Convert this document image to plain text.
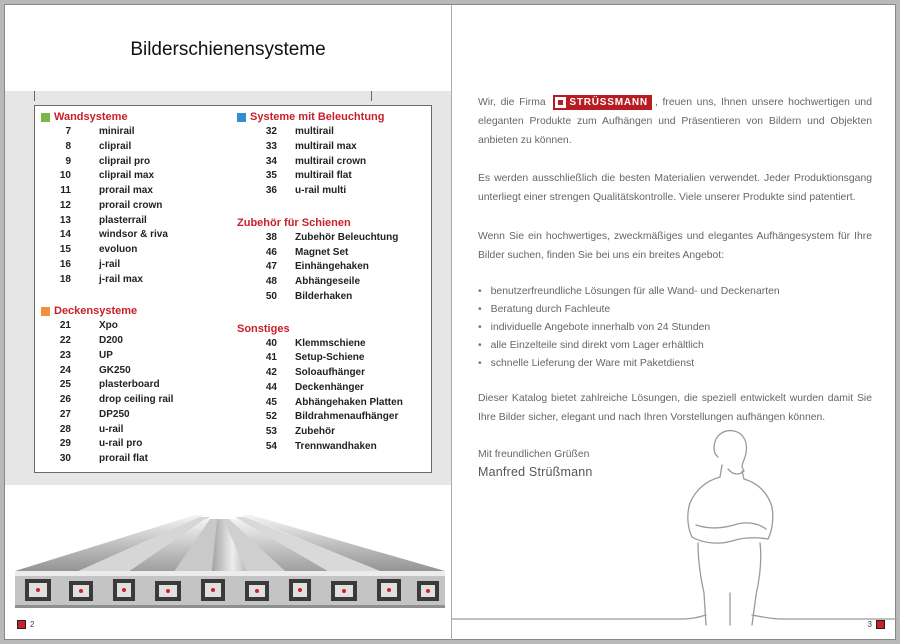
Bilderschienensysteme
Wandsysteme
7	minirail
8	cliprail
9	cliprail pro
10	cliprail max
11	prorail max
12	prorail crown
13	plasterrail
14	windsor & riva
15	evoluon
16	j-rail
18	j-rail max
Deckensysteme
21	Xpo
22	D200
23	UP
24	GK250
25	plasterboard
26	drop ceiling rail
27	DP250
28	u-rail
29	u-rail pro
30	prorail flat
Systeme mit Beleuchtung
32	multirail
33	multirail max
34	multirail crown
35	multirail flat
36	u-rail multi
Zubehör für Schienen
38	Zubehör Beleuchtung
46	Magnet Set
47	Einhängehaken
48	Abhängeseile
50	Bilderhaken
Sonstiges
40	Klemmschiene
41	Setup-Schiene
42	Soloaufhänger
44	Deckenhänger
45	Abhängehaken Platten
52	Bildrahmenaufhänger
53	Zubehör
54	Trennwandhaken
2
Wir, die Firma STRÜSSMANN , freuen uns, Ihnen unsere hochwertigen und eleganten Produkte zum Aufhängen und Präsentieren von Bildern und Objekten anbieten zu können.
Es werden ausschließlich die besten Materialien verwendet. Jeder Produktionsgang unterliegt einer strengen Qualitätskontrolle. Viele unserer Produkte sind patentiert.
Wenn Sie ein hochwertiges, zweckmäßiges und elegantes Aufhängesystem für Ihre Bilder suchen, finden Sie bei uns ein breites Angebot:
• benutzerfreundliche Lösungen für alle Wand- und Deckenarten
• Beratung durch Fachleute
• individuelle Angebote innerhalb von 24 Stunden
• alle Einzelteile sind direkt vom Lager erhältlich
• schnelle Lieferung der Ware mit Paketdienst
Dieser Katalog bietet zahlreiche Lösungen, die speziell entwickelt wurden damit Sie Ihre Bilder sicher, elegant und nach Ihren Vorstellungen aufhängen können.
Mit freundlichen Grüßen
Manfred Strüßmann
3
